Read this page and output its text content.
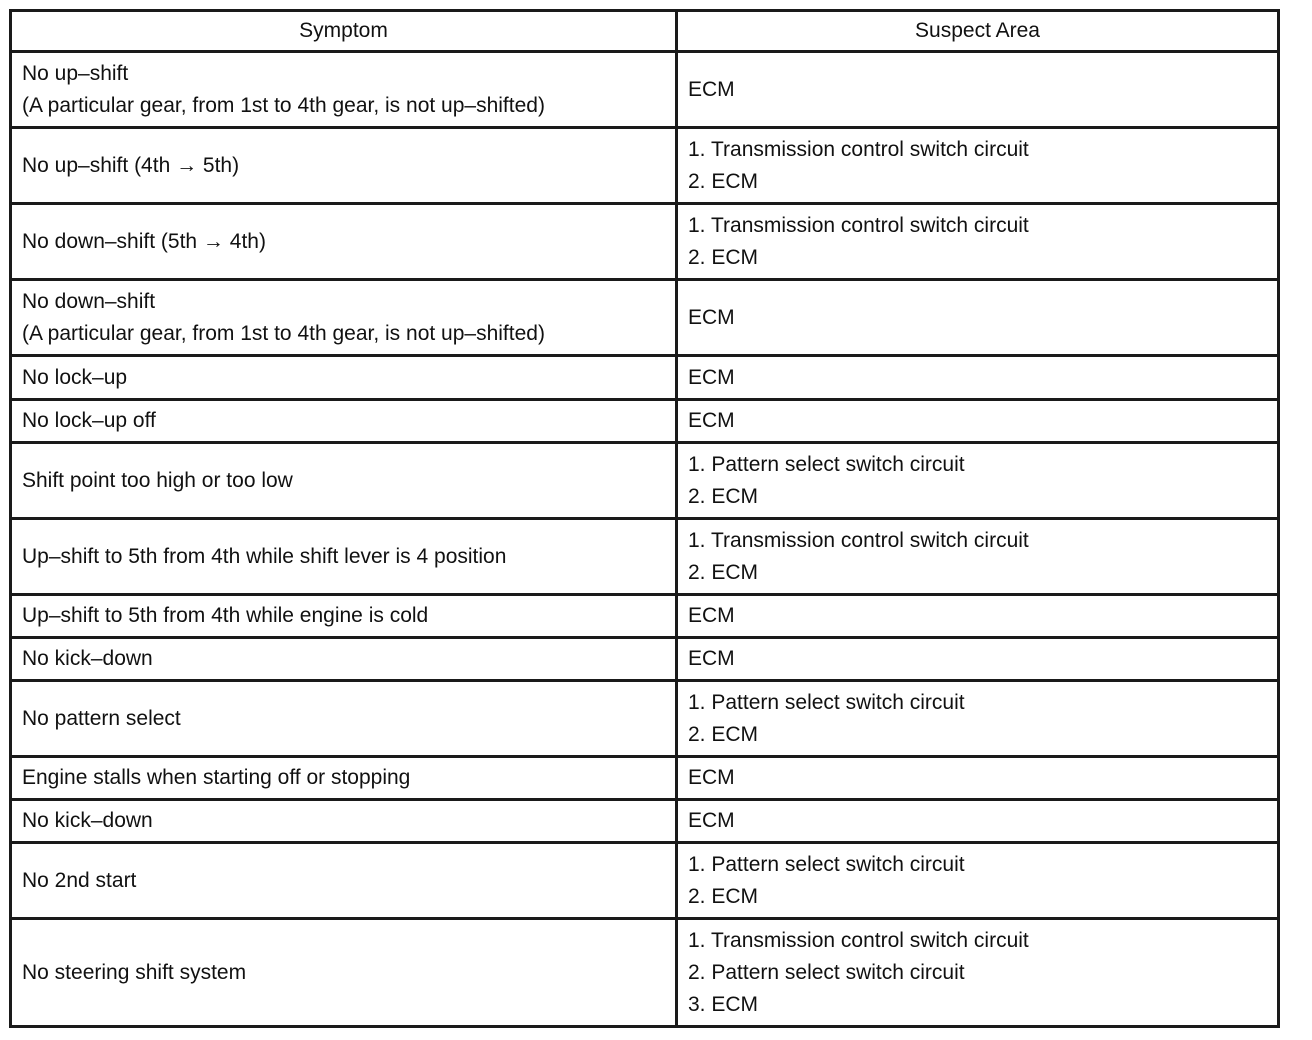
Symptom	Suspect Area

No up–shift
(A particular gear, from 1st to 4th gear, is not up–shifted)	ECM

No up–shift (4th → 5th)	1. Transmission control switch circuit
2. ECM

No down–shift (5th → 4th)	1. Transmission control switch circuit
2. ECM

No down–shift
(A particular gear, from 1st to 4th gear, is not up–shifted)	ECM

No lock–up	ECM

No lock–up off	ECM

Shift point too high or too low	1. Pattern select switch circuit
2. ECM

Up–shift to 5th from 4th while shift lever is 4 position	1. Transmission control switch circuit
2. ECM

Up–shift to 5th from 4th while engine is cold	ECM

No kick–down	ECM

No pattern select	1. Pattern select switch circuit
2. ECM

Engine stalls when starting off or stopping	ECM

No kick–down	ECM

No 2nd start	1. Pattern select switch circuit
2. ECM

No steering shift system	1. Transmission control switch circuit
2. Pattern select switch circuit
3. ECM
